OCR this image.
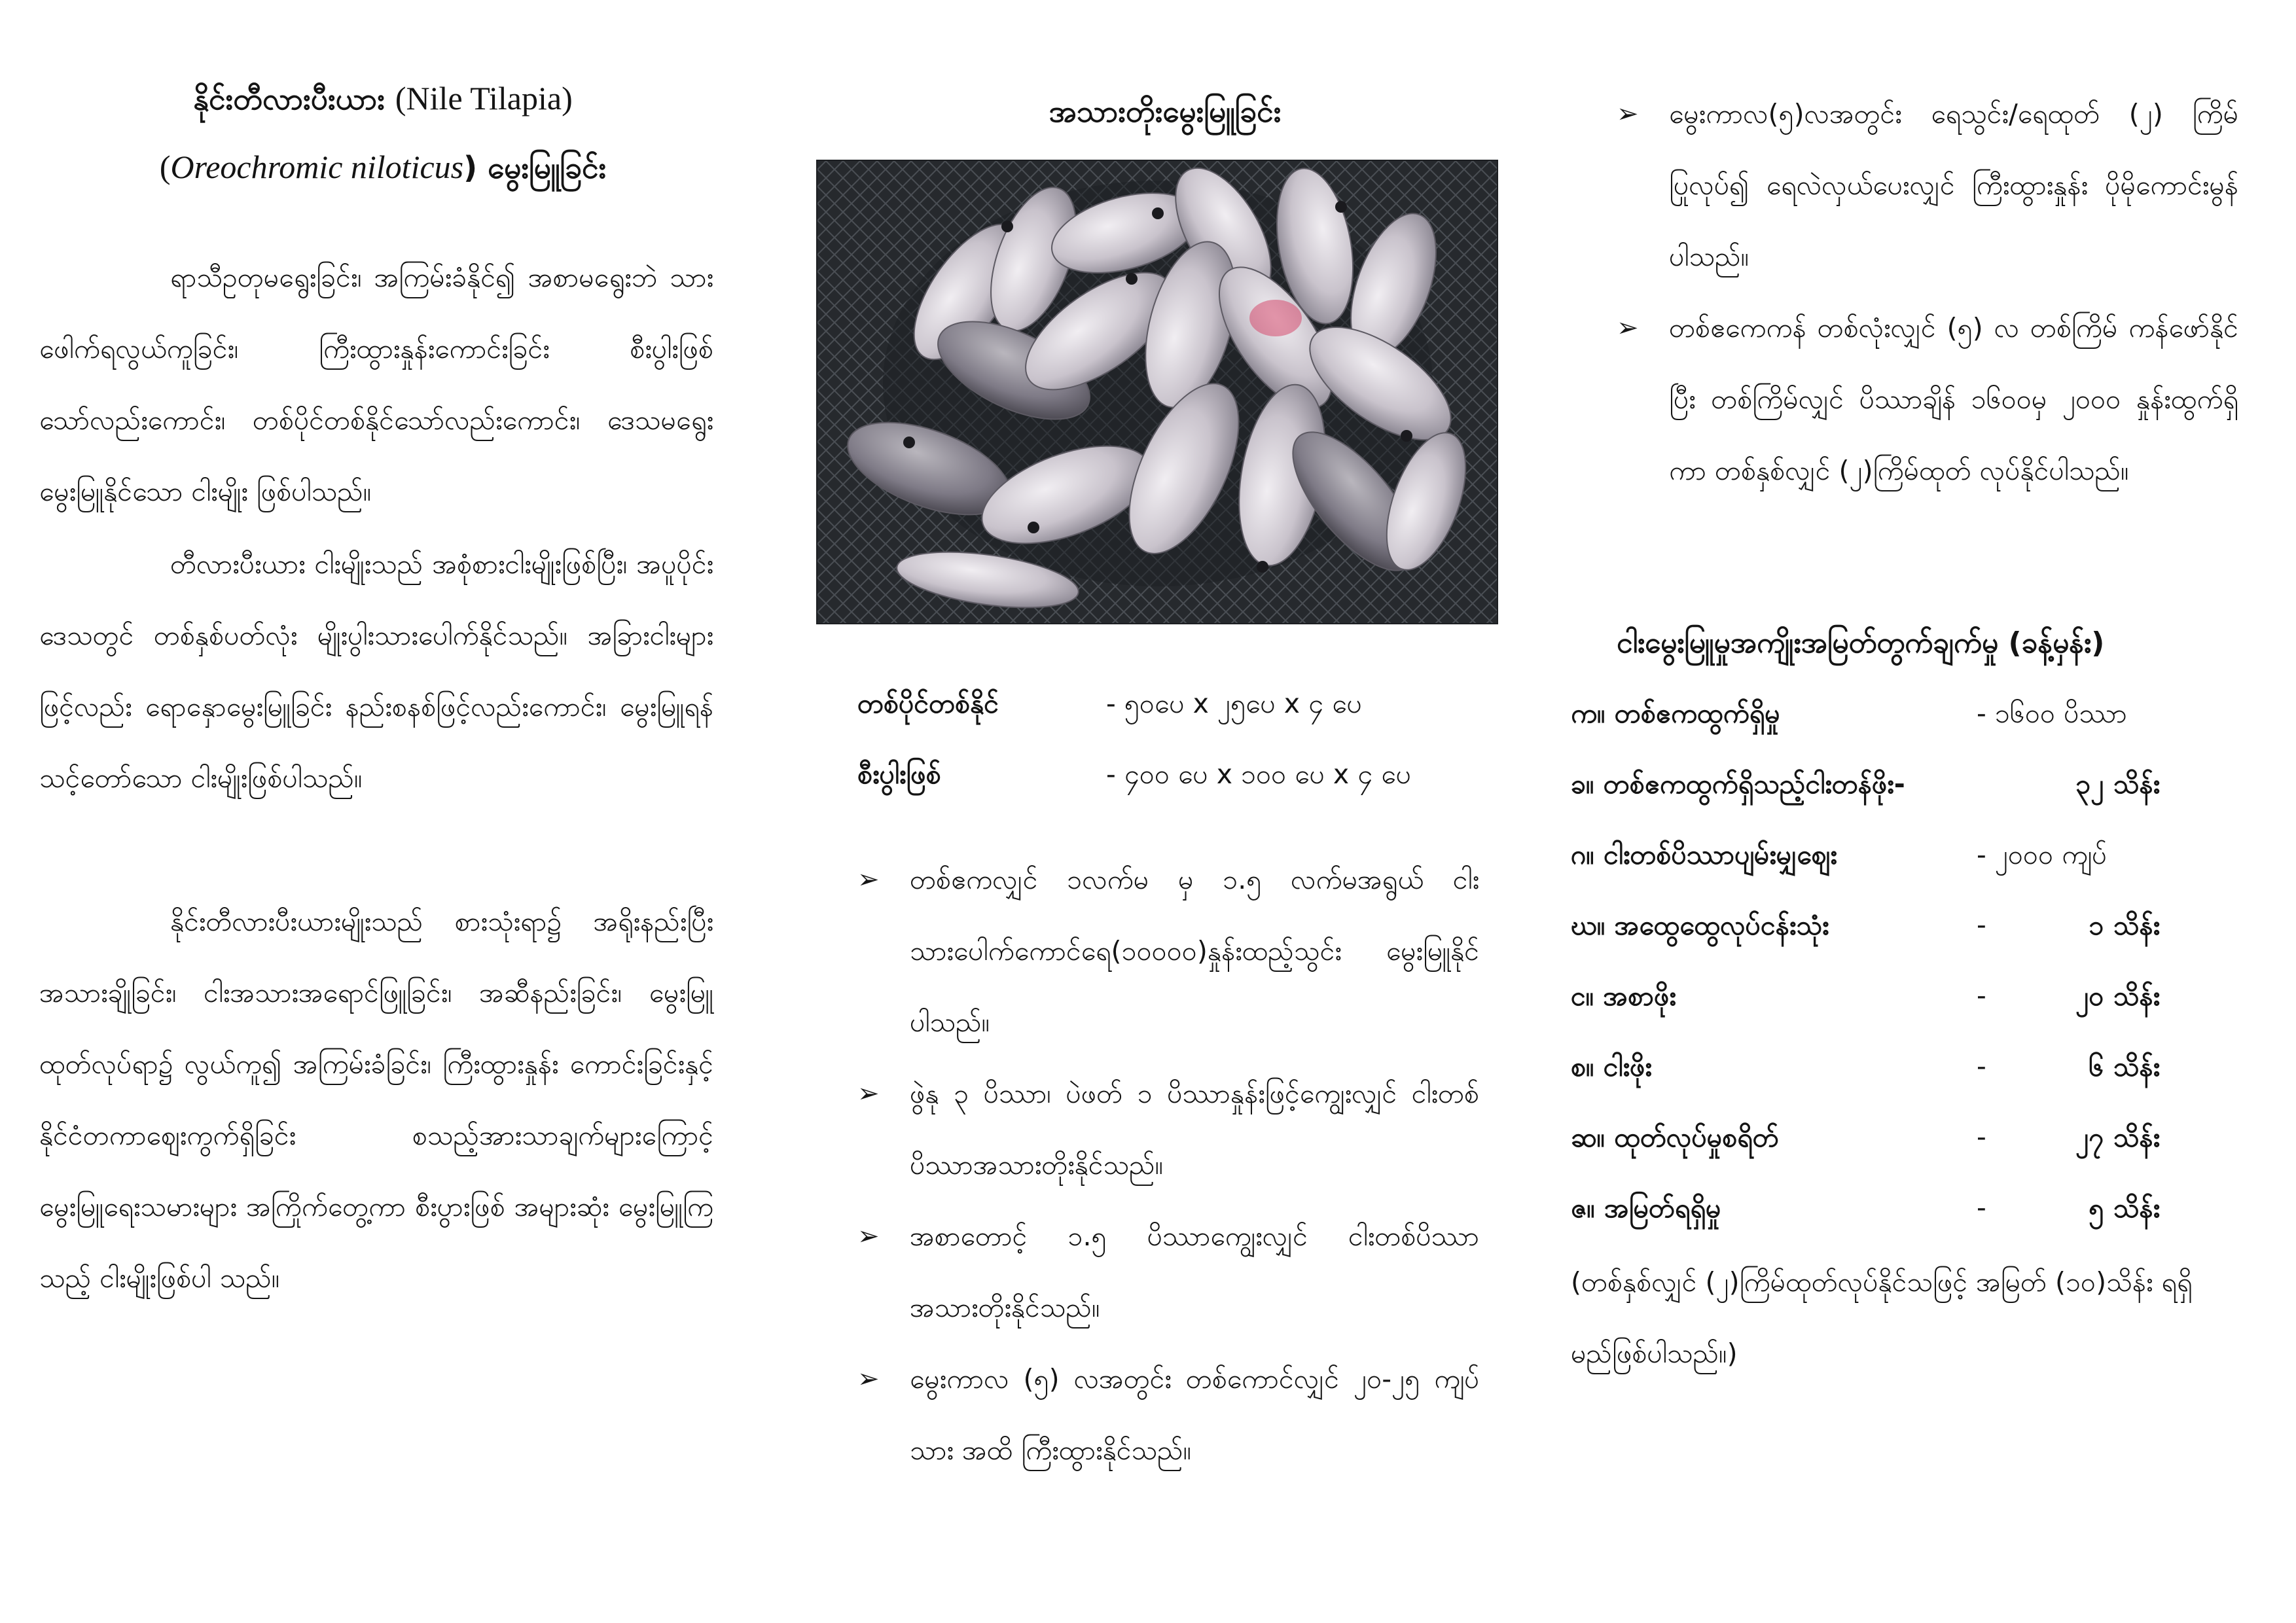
နိုင်းတီလားပီးယား (Nile Tilapia)
(Oreochromic niloticus) မွေးမြူခြင်း

ရာသီဥတုမရွေးခြင်း၊ အကြမ်းခံနိုင်၍ အစာမရွေးဘဲ သားဖေါက်ရလွယ်ကူခြင်း၊ ကြီးထွားနှုန်းကောင်းခြင်း စီးပွါးဖြစ်သော်လည်းကောင်း၊ တစ်ပိုင်တစ်နိုင်သော်လည်းကောင်း၊ ဒေသမရွေးမွေးမြူနိုင်သော ငါးမျိုး ဖြစ်ပါသည်။

တီလားပီးယား ငါးမျိုးသည် အစုံစားငါးမျိုးဖြစ်ပြီး၊ အပူပိုင်းဒေသတွင် တစ်နှစ်ပတ်လုံး မျိုးပွါးသားပေါက်နိုင်သည်။ အခြားငါးများဖြင့်လည်း ရောနှောမွေးမြူခြင်း နည်းစနစ်ဖြင့်လည်းကောင်း၊ မွေးမြူရန် သင့်တော်သော ငါးမျိုးဖြစ်ပါသည်။

နိုင်းတီလားပီးယားမျိုးသည် စားသုံးရာ၌ အရိုးနည်းပြီး အသားချိုခြင်း၊ ငါးအသားအရောင်ဖြူခြင်း၊ အဆီနည်းခြင်း၊ မွေးမြူထုတ်လုပ်ရာ၌ လွယ်ကူ၍ အကြမ်းခံခြင်း၊ ကြီးထွားနှုန်း ကောင်းခြင်းနှင့် နိုင်ငံတကာဈေးကွက်ရှိခြင်း စသည့်အားသာချက်များကြောင့် မွေးမြူရေးသမားများ အကြိုက်တွေ့ကာ စီးပွားဖြစ် အများဆုံး မွေးမြူကြသည့် ငါးမျိုးဖြစ်ပါ သည်။

အသားတိုးမွေးမြူခြင်း
တစ်ပိုင်တစ်နိုင်	- ၅၀ပေ x ၂၅ပေ x ၄ ပေ
စီးပွါးဖြစ်	- ၄၀၀ ပေ x ၁၀၀ ပေ x ၄ ပေ
➢ တစ်ဧကလျှင် ၁လက်မ မှ ၁.၅ လက်မအရွယ် ငါးသားပေါက်ကောင်ရေ(၁၀၀၀၀)နှုန်းထည့်သွင်း မွေးမြူနိုင်ပါသည်။
➢ ဖွဲနု ၃ ပိဿာ၊ ပဲဖတ် ၁ ပိဿာနှုန်းဖြင့်ကျွေးလျှင် ငါးတစ်ပိဿာအသားတိုးနိုင်သည်။
➢ အစာတောင့် ၁.၅ ပိဿာကျွေးလျှင် ငါးတစ်ပိဿာ အသားတိုးနိုင်သည်။
➢ မွေးကာလ (၅) လအတွင်း တစ်ကောင်လျှင် ၂၀-၂၅ ကျပ်သား အထိ ကြီးထွားနိုင်သည်။
➢ မွေးကာလ(၅)လအတွင်း ရေသွင်း/ရေထုတ် (၂) ကြိမ်ပြုလုပ်၍ ရေလဲလှယ်ပေးလျှင် ကြီးထွားနှုန်း ပိုမိုကောင်းမွန်ပါသည်။
➢ တစ်ဧကေကန် တစ်လုံးလျှင် (၅) လ တစ်ကြိမ် ကန်ဖော်နိုင်ပြီး တစ်ကြိမ်လျှင် ပိဿာချိန် ၁၆၀၀မှ ၂၀၀၀ နှုန်းထွက်ရှိကာ တစ်နှစ်လျှင် (၂)ကြိမ်ထုတ် လုပ်နိုင်ပါသည်။
ငါးမွေးမြူမှုအကျိုးအမြတ်တွက်ချက်မှု (ခန့်မှန်း)
က။ တစ်ဧကထွက်ရှိမှု	- ၁၆၀၀ ပိဿာ
ခ။ တစ်ဧကထွက်ရှိသည့်ငါးတန်ဖိုး-	၃၂ သိန်း
ဂ။ ငါးတစ်ပိဿာပျမ်းမျှဈေး	- ၂၀၀၀ ကျပ်
ဃ။ အထွေထွေလုပ်ငန်းသုံး	-	၁ သိန်း
င။ အစာဖိုး	-	၂၀ သိန်း
စ။ ငါးဖိုး	-	၆ သိန်း
ဆ။ ထုတ်လုပ်မှုစရိတ်	-	၂၇ သိန်း
ဇ။ အမြတ်ရရှိမှု	-	၅ သိန်း

(တစ်နှစ်လျှင် (၂)ကြိမ်ထုတ်လုပ်နိုင်သဖြင့် အမြတ် (၁၀)သိန်း ရရှိမည်ဖြစ်ပါသည်။)
